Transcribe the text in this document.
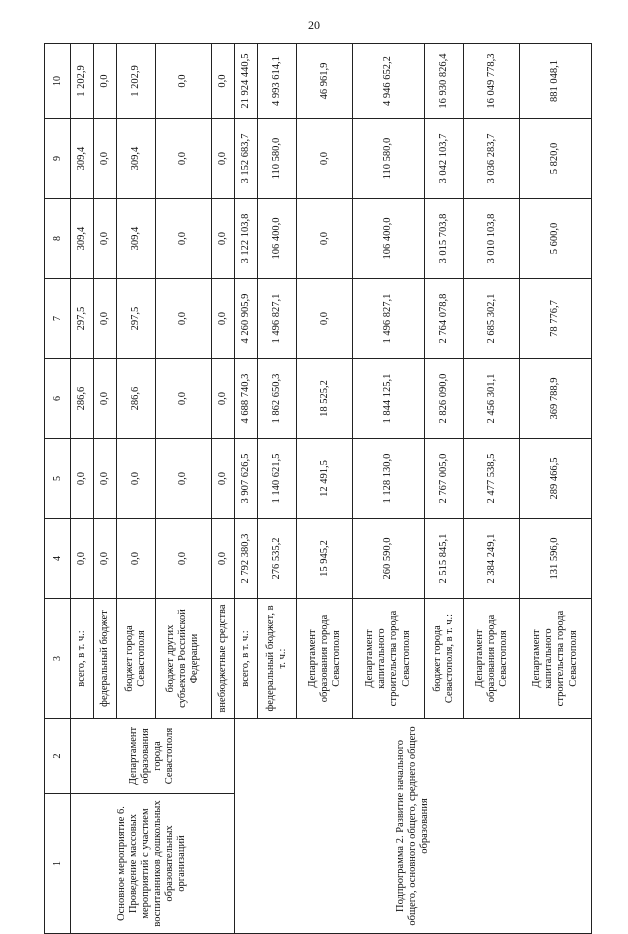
20
1	2	3	4	5	6	7	8	9	10
Основное мероприятие 6. Проведение массовых мероприятий с участием воспитанников дошкольных образовательных организаций	Департамент образования города Севастополя	всего, в т. ч.:	0,0	0,0	286,6	297,5	309,4	309,4	1 202,9
		федеральный бюджет	0,0	0,0	0,0	0,0	0,0	0,0	0,0
		бюджет города Севастополя	0,0	0,0	286,6	297,5	309,4	309,4	1 202,9
		бюджет других субъектов Российской Федерации	0,0	0,0	0,0	0,0	0,0	0,0	0,0
		внебюджетные средства	0,0	0,0	0,0	0,0	0,0	0,0	0,0
Подпрограмма 2. Развитие начального общего, основного общего, среднего общего образования		всего, в т. ч.:	2 792 380,3	3 907 626,5	4 688 740,3	4 260 905,9	3 122 103,8	3 152 683,7	21 924 440,5
		федеральный бюджет, в т. ч.:	276 535,2	1 140 621,5	1 862 650,3	1 496 827,1	106 400,0	110 580,0	4 993 614,1
		Департамент образования города Севастополя	15 945,2	12 491,5	18 525,2	0,0	0,0	0,0	46 961,9
		Департамент капитального строительства города Севастополя	260 590,0	1 128 130,0	1 844 125,1	1 496 827,1	106 400,0	110 580,0	4 946 652,2
		бюджет города Севастополя, в т. ч.:	2 515 845,1	2 767 005,0	2 826 090,0	2 764 078,8	3 015 703,8	3 042 103,7	16 930 826,4
		Департамент образования города Севастополя	2 384 249,1	2 477 538,5	2 456 301,1	2 685 302,1	3 010 103,8	3 036 283,7	16 049 778,3
		Департамент капитального строительства города Севастополя	131 596,0	289 466,5	369 788,9	78 776,7	5 600,0	5 820,0	881 048,1
